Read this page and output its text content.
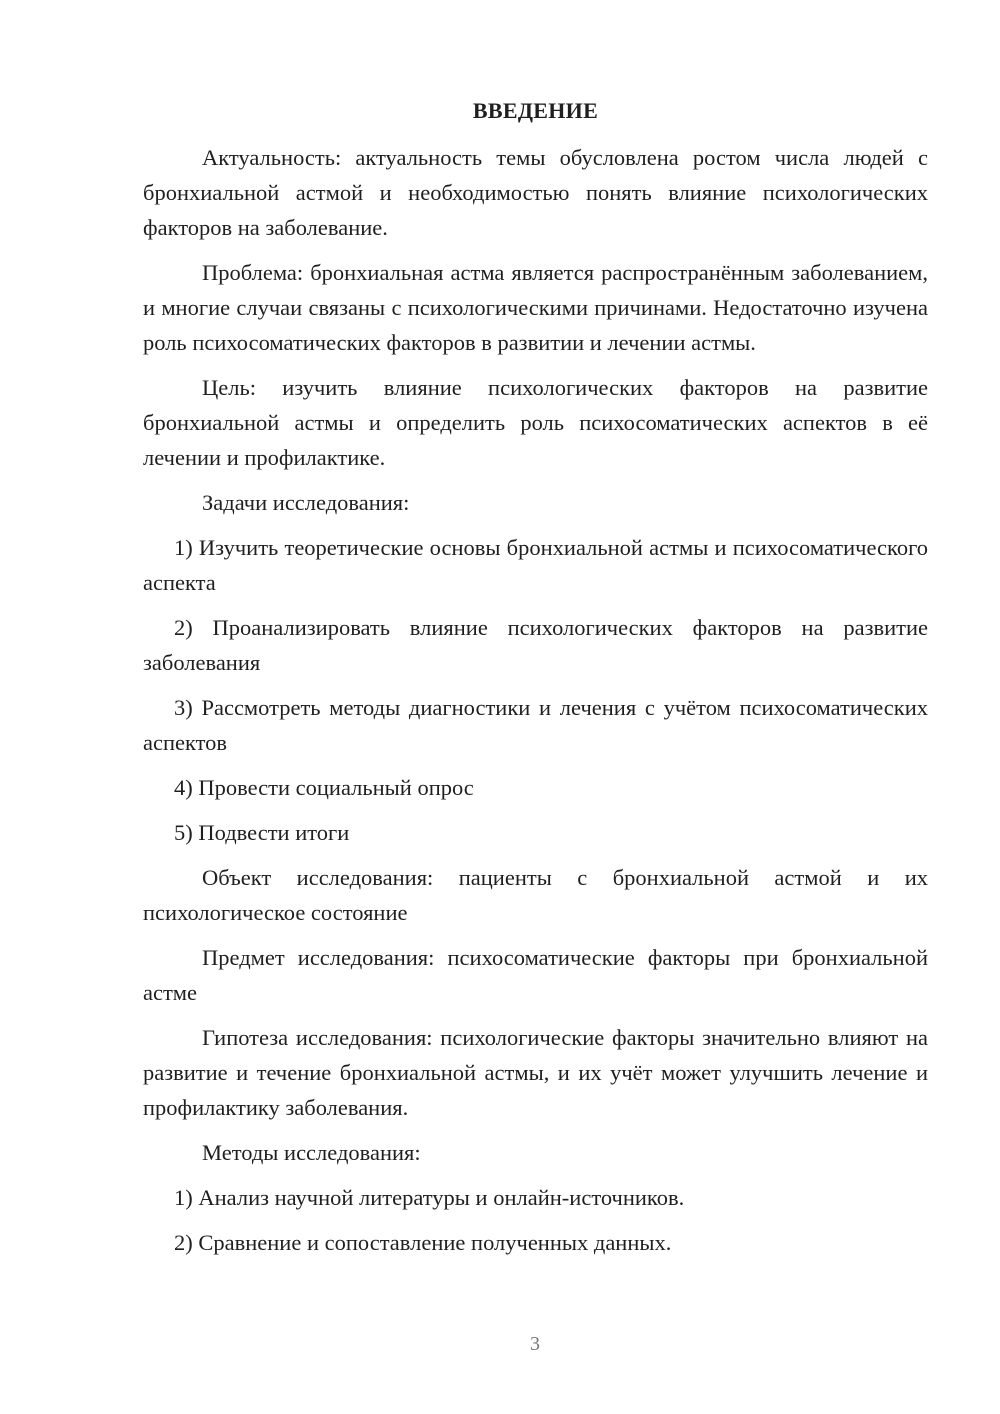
ВВЕДЕНИЕ

Актуальность: актуальность темы обусловлена ростом числа людей с бронхиальной астмой и необходимостью понять влияние психологических факторов на заболевание.

Проблема: бронхиальная астма является распространённым заболеванием, и многие случаи связаны с психологическими причинами. Недостаточно изучена роль психосоматических факторов в развитии и лечении астмы.

Цель: изучить влияние психологических факторов на развитие бронхиальной астмы и определить роль психосоматических аспектов в её лечении и профилактике.

Задачи исследования:

1) Изучить теоретические основы бронхиальной астмы и психосоматического аспекта

2) Проанализировать влияние психологических факторов на развитие заболевания

3) Рассмотреть методы диагностики и лечения с учётом психосоматических аспектов

4) Провести социальный опрос

5) Подвести итоги

Объект исследования: пациенты с бронхиальной астмой и их психологическое состояние

Предмет исследования: психосоматические факторы при бронхиальной астме

Гипотеза исследования: психологические факторы значительно влияют на развитие и течение бронхиальной астмы, и их учёт может улучшить лечение и профилактику заболевания.

Методы исследования:

1) Анализ научной литературы и онлайн-источников.

2) Сравнение и сопоставление полученных данных.

3
